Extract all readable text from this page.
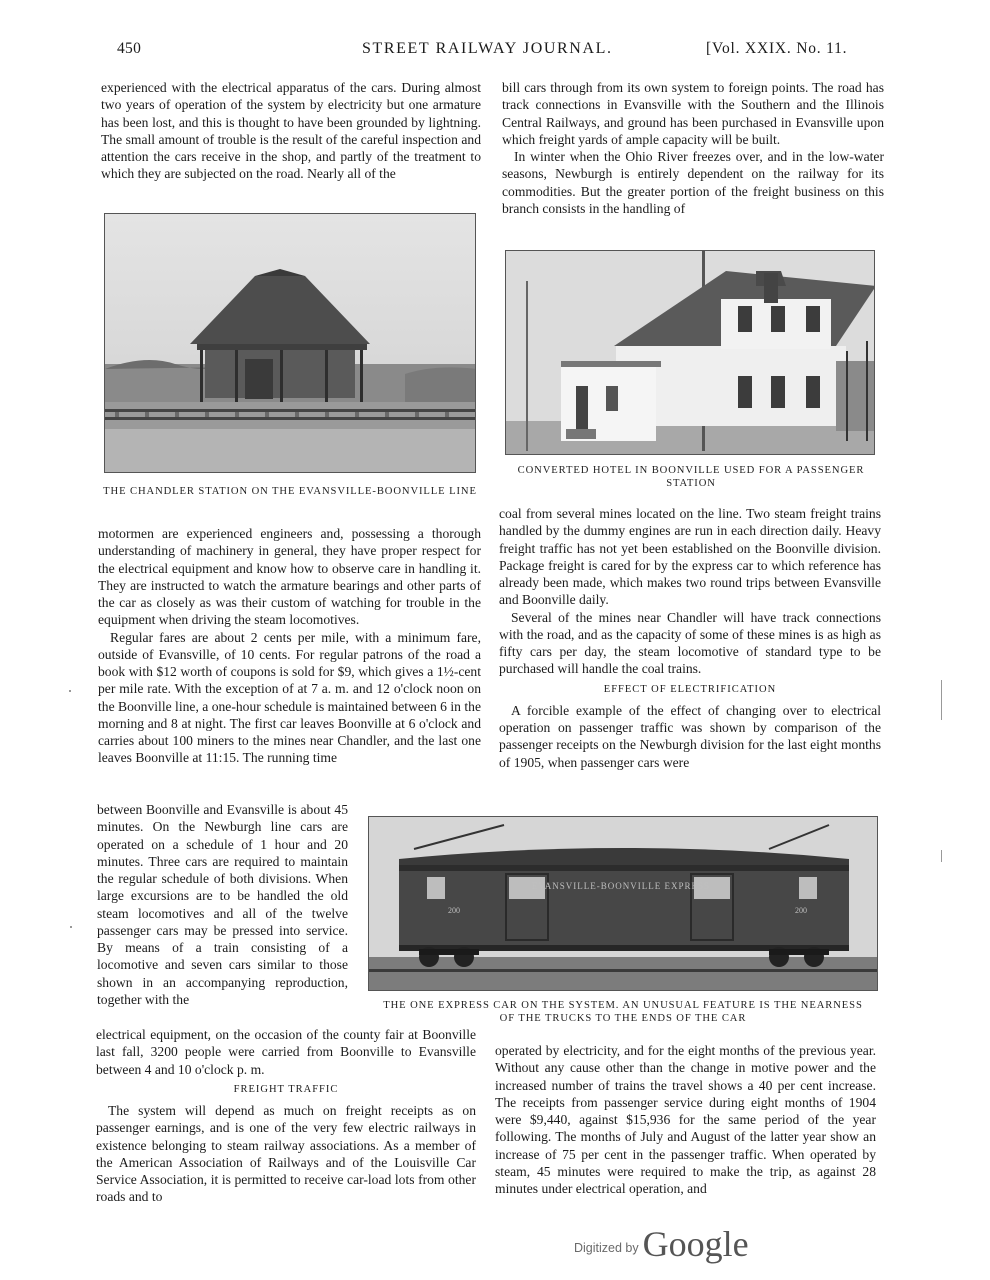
450	STREET RAILWAY JOURNAL.	[Vol. XXIX. No. 11.

experienced with the electrical apparatus of the cars. During almost two years of operation of the system by electricity but one armature has been lost, and this is thought to have been grounded by lightning. The small amount of trouble is the result of the careful inspection and attention the cars receive in the shop, and partly of the treatment to which they are subjected on the road. Nearly all of the

THE CHANDLER STATION ON THE EVANSVILLE-BOONVILLE LINE

motormen are experienced engineers and, possessing a thorough understanding of machinery in general, they have proper respect for the electrical equipment and know how to observe care in handling it. They are instructed to watch the armature bearings and other parts of the car as closely as was their custom of watching for trouble in the equipment when driving the steam locomotives.

Regular fares are about 2 cents per mile, with a minimum fare, outside of Evansville, of 10 cents. For regular patrons of the road a book with $12 worth of coupons is sold for $9, which gives a 1½-cent per mile rate. With the exception of at 7 a. m. and 12 o'clock noon on the Boonville line, a one-hour schedule is maintained between 6 in the morning and 8 at night. The first car leaves Boonville at 6 o'clock and carries about 100 miners to the mines near Chandler, and the last one leaves Boonville at 11:15. The running time

between Boonville and Evansville is about 45 minutes. On the Newburgh line cars are operated on a schedule of 1 hour and 20 minutes. Three cars are required to maintain the regular schedule of both divisions. When large excursions are to be handled the old steam locomotives and all of the twelve passenger cars may be pressed into service. By means of a train consisting of a locomotive and seven cars similar to those shown in an accompanying reproduction, together with the

electrical equipment, on the occasion of the county fair at Boonville last fall, 3200 people were carried from Boonville to Evansville between 4 and 10 o'clock p. m.

FREIGHT TRAFFIC

The system will depend as much on freight receipts as on passenger earnings, and is one of the very few electric railways in existence belonging to steam railway associations. As a member of the American Association of Railways and of the Louisville Car Service Association, it is permitted to receive car-load lots from other roads and to

bill cars through from its own system to foreign points. The road has track connections in Evansville with the Southern and the Illinois Central Railways, and ground has been purchased in Evansville upon which freight yards of ample capacity will be built.

In winter when the Ohio River freezes over, and in the low-water seasons, Newburgh is entirely dependent on the railway for its commodities. But the greater portion of the freight business on this branch consists in the handling of

CONVERTED HOTEL IN BOONVILLE USED FOR A PASSENGER STATION

coal from several mines located on the line. Two steam freight trains handled by the dummy engines are run in each direction daily. Heavy freight traffic has not yet been established on the Boonville division. Package freight is cared for by the express car to which reference has already been made, which makes two round trips between Evansville and Boonville daily.

Several of the mines near Chandler will have track connections with the road, and as the capacity of some of these mines is as high as fifty cars per day, the steam locomotive of standard type to be purchased will handle the coal trains.

EFFECT OF ELECTRIFICATION

A forcible example of the effect of changing over to electrical operation on passenger traffic was shown by comparison of the passenger receipts on the Newburgh division for the last eight months of 1905, when passenger cars were

EVANSVILLE-BOONVILLE EXPRESS
200	200
THE ONE EXPRESS CAR ON THE SYSTEM. AN UNUSUAL FEATURE IS THE NEARNESS OF THE TRUCKS TO THE ENDS OF THE CAR

operated by electricity, and for the eight months of the previous year. Without any cause other than the change in motive power and the increased number of trains the travel shows a 40 per cent increase. The receipts from passenger service during eight months of 1904 were $9,440, against $15,936 for the same period of the year following. The months of July and August of the latter year show an increase of 75 per cent in the passenger traffic. When operated by steam, 45 minutes were required to make the trip, as against 28 minutes under electrical operation, and

Digitized by Google
